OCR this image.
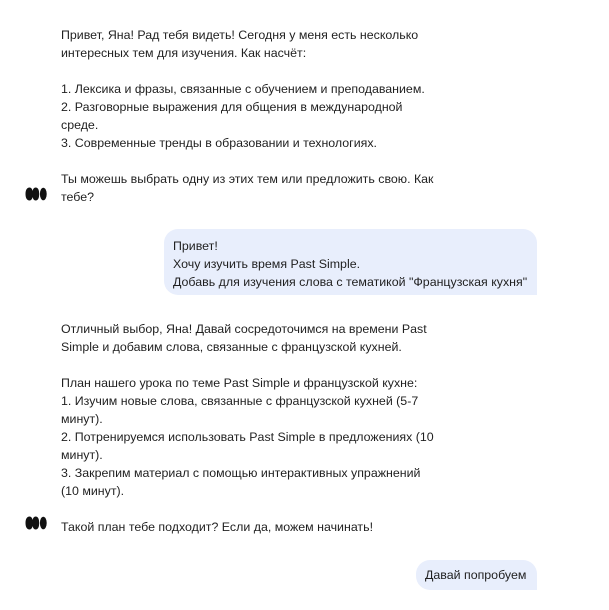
Привет, Яна! Рад тебя видеть! Сегодня у меня есть несколько
интересных тем для изучения. Как насчёт:

1. Лексика и фразы, связанные с обучением и преподаванием.
2. Разговорные выражения для общения в международной
среде.
3. Современные тренды в образовании и технологиях.

Ты можешь выбрать одну из этих тем или предложить свою. Как
тебе?

Привет!
Хочу изучить время Past Simple.
Добавь для изучения слова с тематикой "Французская кухня"

Отличный выбор, Яна! Давай сосредоточимся на времени Past
Simple и добавим слова, связанные с французской кухней.

План нашего урока по теме Past Simple и французской кухне:
1. Изучим новые слова, связанные с французской кухней (5-7
минут).
2. Потренируемся использовать Past Simple в предложениях (10
минут).
3. Закрепим материал с помощью интерактивных упражнений
(10 минут).

Такой план тебе подходит? Если да, можем начинать!

Давай попробуем
